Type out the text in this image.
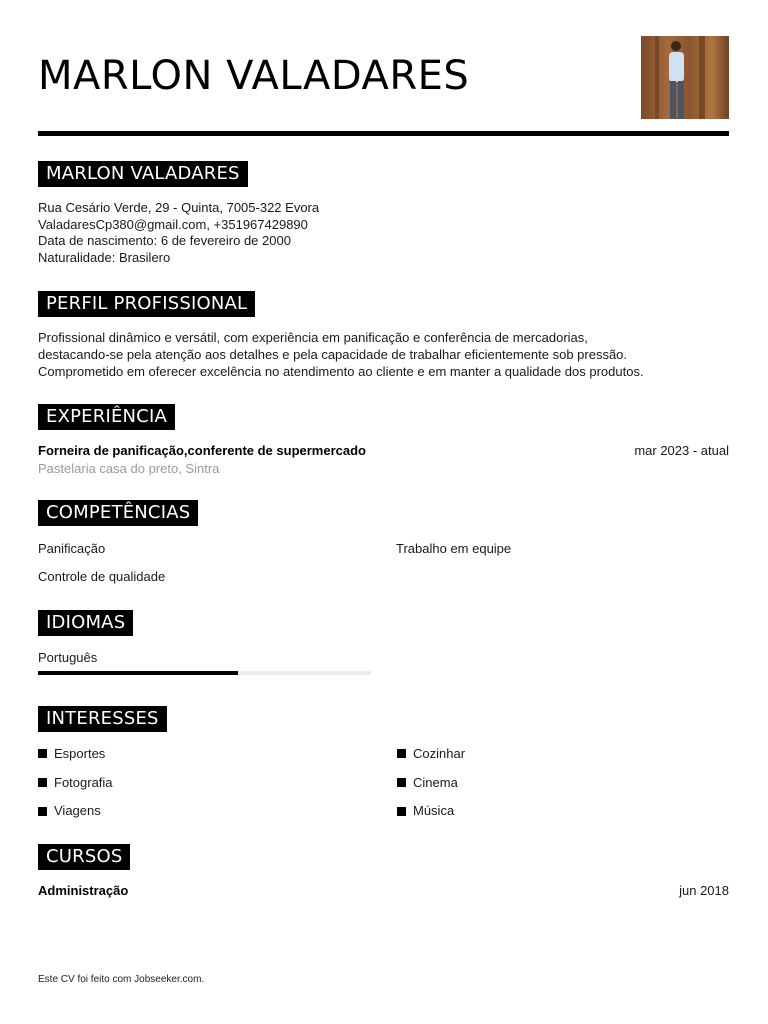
MARLON VALADARES
MARLON VALADARES
Rua Cesário Verde, 29 - Quinta, 7005-322 Evora
ValadaresCp380@gmail.com, +351967429890
Data de nascimento: 6 de fevereiro de 2000
Naturalidade: Brasilero
PERFIL PROFISSIONAL
Profissional dinâmico e versátil, com experiência em panificação e conferência de mercadorias,
destacando-se pela atenção aos detalhes e pela capacidade de trabalhar eficientemente sob pressão.
Comprometido em oferecer excelência no atendimento ao cliente e em manter a qualidade dos produtos.
EXPERIÊNCIA
Forneira de panificação,conferente de supermercado	mar 2023 - atual
Pastelaria casa do preto, Sintra
COMPETÊNCIAS
Panificação	Trabalho em equipe
Controle de qualidade
IDIOMAS
Português
INTERESSES
Esportes	Cozinhar
Fotografia	Cinema
Viagens	Música
CURSOS
Administração	jun 2018
Este CV foi feito com Jobseeker.com.
